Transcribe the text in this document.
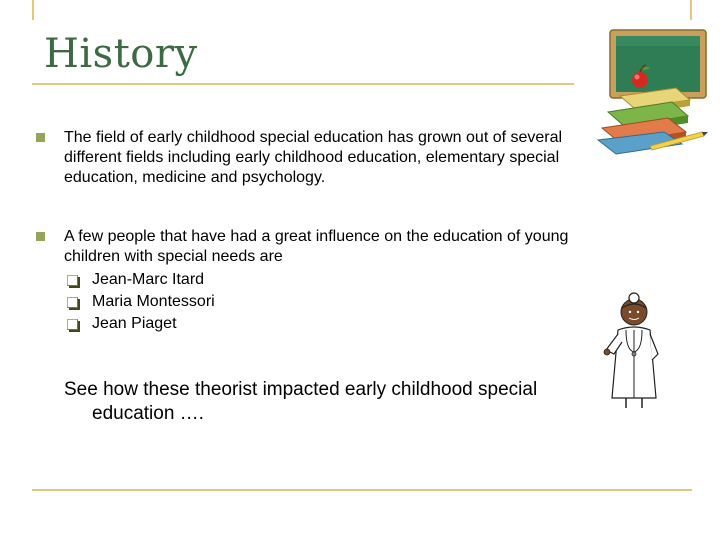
History
The field of early childhood special education has grown out of several different fields including early childhood education, elementary special education, medicine and psychology.
A few people that have had a great influence on the education of young children with special needs are
Jean-Marc Itard
Maria Montessori
Jean Piaget

See how these theorist impacted early childhood special education ….
